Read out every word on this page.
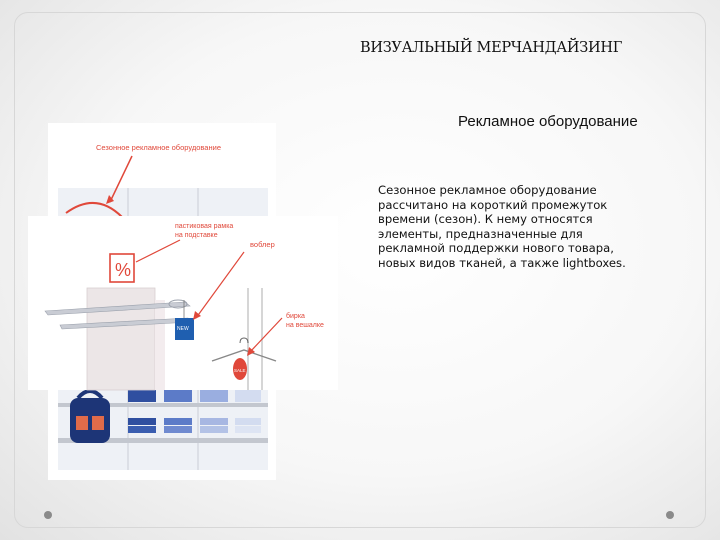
ВИЗУАЛЬНЫЙ МЕРЧАНДАЙЗИНГ
Рекламное оборудование
Сезонное рекламное оборудование
рассчитано на короткий промежуток
времени (сезон). К нему относятся
элементы, предназначенные для
рекламной поддержки нового товара,
новых видов тканей, а также lightboxes.
Сезонное рекламное оборудование
%
NEW
SALE
пастиковая рамка
на подставке
воблер
бирка
на вешалке
